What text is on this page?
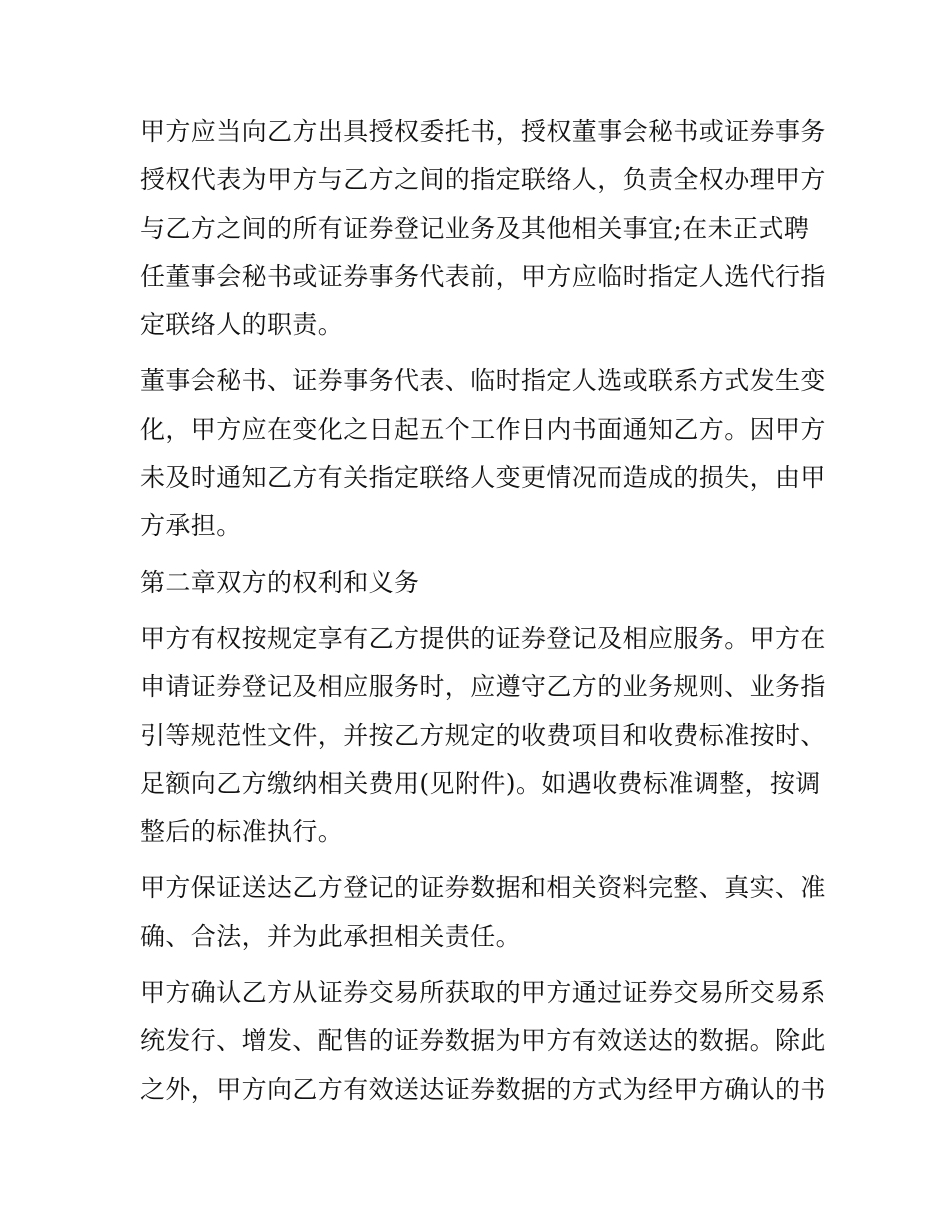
甲方应当向乙方出具授权委托书，授权董事会秘书或证券事务
授权代表为甲方与乙方之间的指定联络人，负责全权办理甲方
与乙方之间的所有证券登记业务及其他相关事宜;在未正式聘
任董事会秘书或证券事务代表前，甲方应临时指定人选代行指
定联络人的职责。
董事会秘书、证券事务代表、临时指定人选或联系方式发生变
化，甲方应在变化之日起五个工作日内书面通知乙方。因甲方
未及时通知乙方有关指定联络人变更情况而造成的损失，由甲
方承担。
第二章双方的权利和义务
甲方有权按规定享有乙方提供的证券登记及相应服务。甲方在
申请证券登记及相应服务时，应遵守乙方的业务规则、业务指
引等规范性文件，并按乙方规定的收费项目和收费标准按时、
足额向乙方缴纳相关费用(见附件)。如遇收费标准调整，按调
整后的标准执行。
甲方保证送达乙方登记的证券数据和相关资料完整、真实、准
确、合法，并为此承担相关责任。
甲方确认乙方从证券交易所获取的甲方通过证券交易所交易系
统发行、增发、配售的证券数据为甲方有效送达的数据。除此
之外，甲方向乙方有效送达证券数据的方式为经甲方确认的书
